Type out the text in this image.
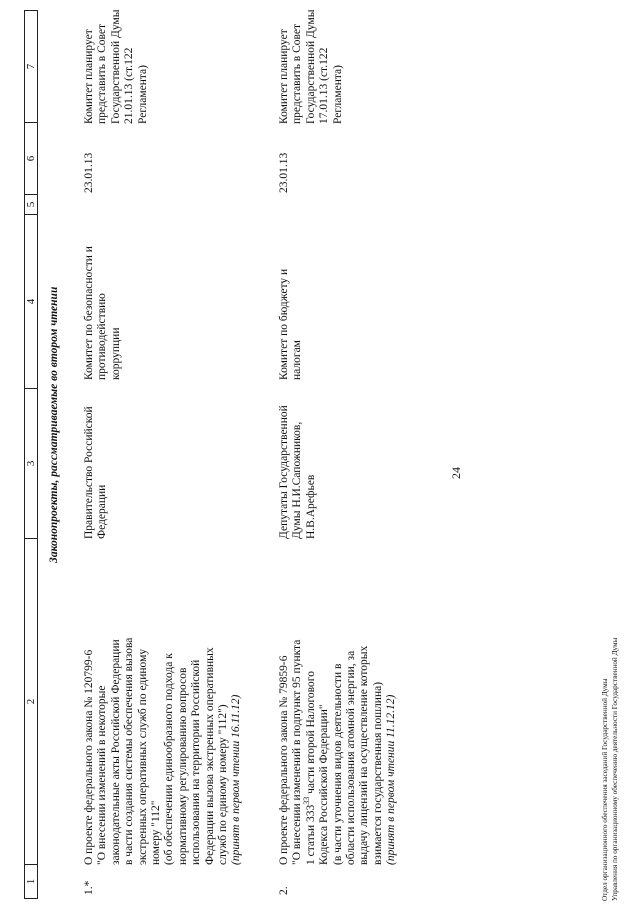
1
2
3
4
5
6
7
Законопроекты, рассматриваемые во втором чтении
1.*
О проекте федерального закона № 120799-6 "О внесении изменений в некоторые законодательные акты Российской Федерации в части создания системы обеспечения вызова экстренных оперативных служб по единому номеру "112" (об обеспечении единообразного подхода к нормативному регулированию вопросов использования на территории Российской Федерации вызова экстренных оперативных служб по единому номеру "112") (принят в первом чтении 16.11.12)
Правительство Российской Федерации
Комитет по безопасности и противодействию коррупции
23.01.13
Комитет планирует представить в Совет Государственной Думы 21.01.13 (ст.122 Регламента)
2.
О проекте федерального закона № 79859-6 "О внесении изменений в подпункт 95 пункта 1 статьи $333^{33}$ части второй Налогового Кодекса Российской Федерации" (в части уточнения видов деятельности в области использования атомной энергии, за выдачу лицензий на осуществление которых взимается государственная пошлина) (принят в первом чтении 11.12.12)
Депутаты Государственной Думы Н.И.Сапожников, Н.В.Арефьев
Комитет по бюджету и налогам
23.01.13
Комитет планирует представить в Совет Государственной Думы 17.01.13 (ст.122 Регламента)
24
Отдел организационного обеспечения заседаний Государственной Думы Управления по организационному обеспечению деятельности Государственной Думы
